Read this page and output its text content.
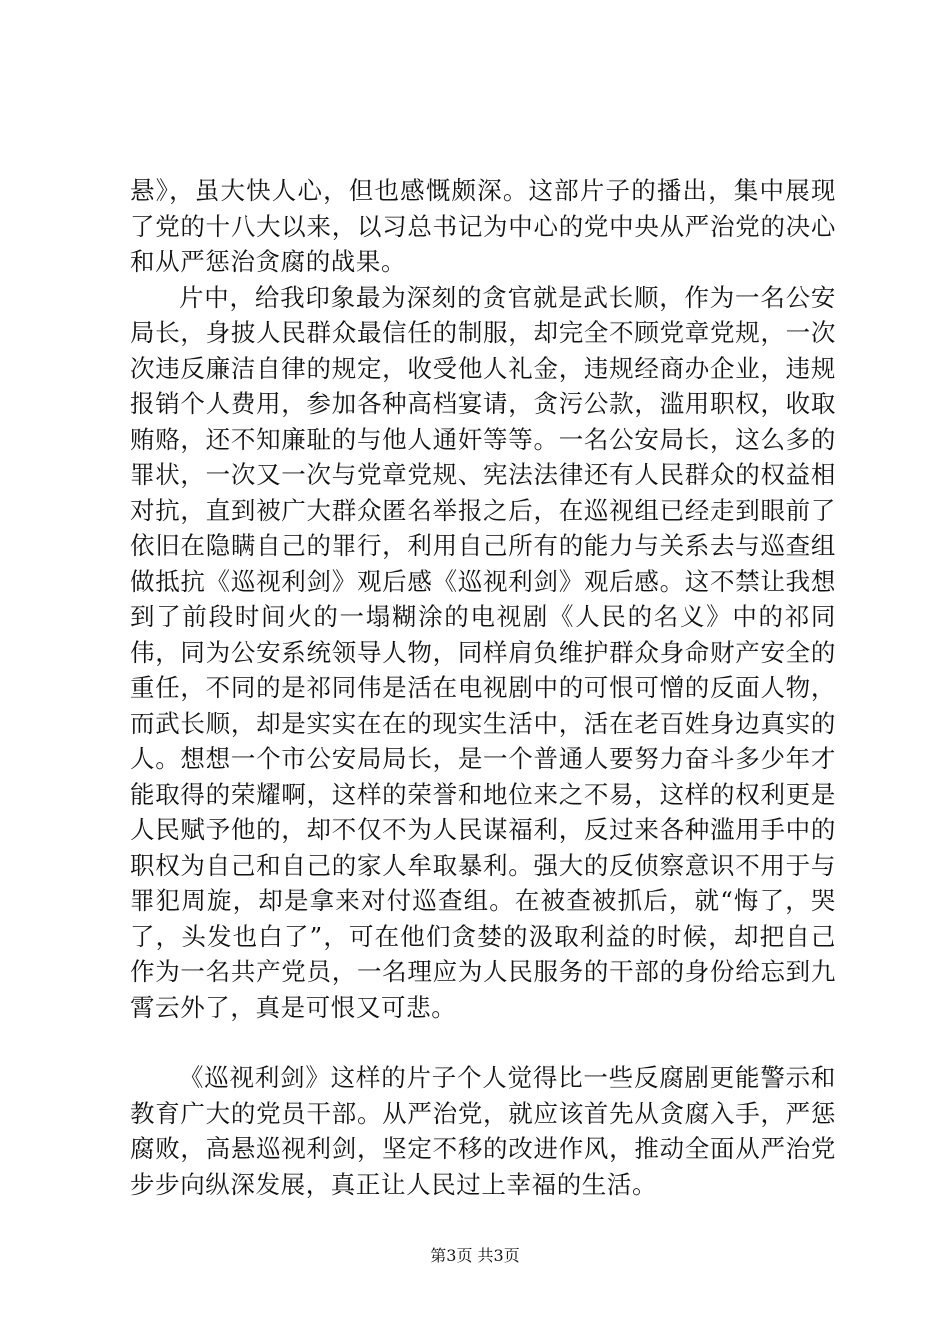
悬》，虽大快人心，但也感慨颇深。这部片子的播出，集中展现了党的十八大以来，以习总书记为中心的党中央从严治党的决心和从严惩治贪腐的战果。

片中，给我印象最为深刻的贪官就是武长顺，作为一名公安局长，身披人民群众最信任的制服，却完全不顾党章党规，一次次违反廉洁自律的规定，收受他人礼金，违规经商办企业，违规报销个人费用，参加各种高档宴请，贪污公款，滥用职权，收取贿赂，还不知廉耻的与他人通奸等等。一名公安局长，这么多的罪状，一次又一次与党章党规、宪法法律还有人民群众的权益相对抗，直到被广大群众匿名举报之后，在巡视组已经走到眼前了依旧在隐瞒自己的罪行，利用自己所有的能力与关系去与巡查组做抵抗《巡视利剑》观后感《巡视利剑》观后感。这不禁让我想到了前段时间火的一塌糊涂的电视剧《人民的名义》中的祁同伟，同为公安系统领导人物，同样肩负维护群众身命财产安全的重任，不同的是祁同伟是活在电视剧中的可恨可憎的反面人物，而武长顺，却是实实在在的现实生活中，活在老百姓身边真实的人。想想一个市公安局局长，是一个普通人要努力奋斗多少年才能取得的荣耀啊，这样的荣誉和地位来之不易，这样的权利更是人民赋予他的，却不仅不为人民谋福利，反过来各种滥用手中的职权为自己和自己的家人牟取暴利。强大的反侦察意识不用于与罪犯周旋，却是拿来对付巡查组。在被查被抓后，就“悔了，哭了，头发也白了”，可在他们贪婪的汲取利益的时候，却把自己作为一名共产党员，一名理应为人民服务的干部的身份给忘到九霄云外了，真是可恨又可悲。

《巡视利剑》这样的片子个人觉得比一些反腐剧更能警示和教育广大的党员干部。从严治党，就应该首先从贪腐入手，严惩腐败，高悬巡视利剑，坚定不移的改进作风，推动全面从严治党步步向纵深发展，真正让人民过上幸福的生活。

第3页 共3页
